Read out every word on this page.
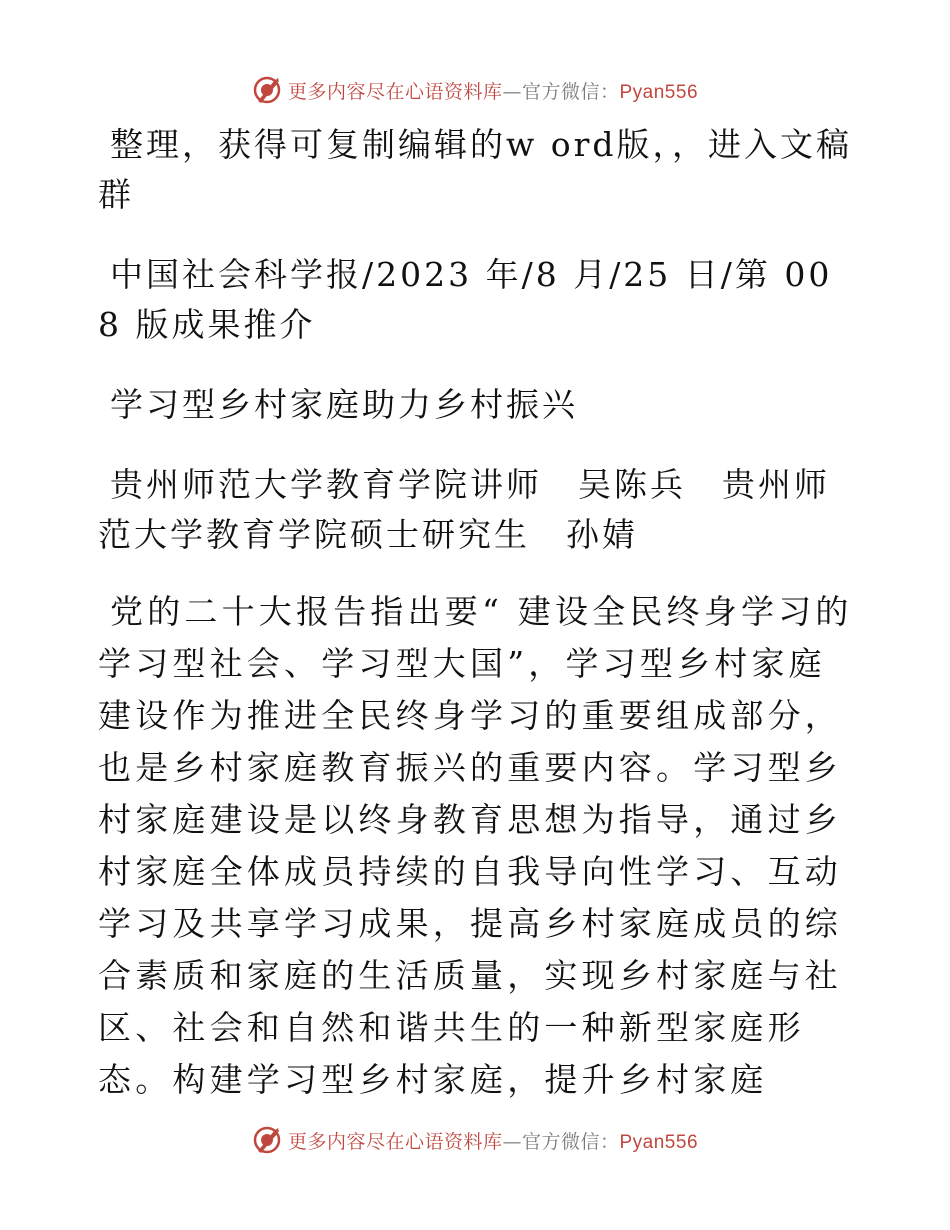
更多内容尽在心语资料库—官方微信：Pyan556

整理，获得可复制编辑的w ord版，，进入文稿群

中国社会科学报/2023 年/8 月/25 日/第 008 版成果推介

学习型乡村家庭助力乡村振兴

贵州师范大学教育学院讲师　吴陈兵　贵州师范大学教育学院硕士研究生　孙婧

党的二十大报告指出要“ 建设全民终身学习的学习型社会、学习型大国”，学习型乡村家庭建设作为推进全民终身学习的重要组成部分，也是乡村家庭教育振兴的重要内容。学习型乡村家庭建设是以终身教育思想为指导，通过乡村家庭全体成员持续的自我导向性学习、互动学习及共享学习成果，提高乡村家庭成员的综合素质和家庭的生活质量，实现乡村家庭与社区、社会和自然和谐共生的一种新型家庭形态。构建学习型乡村家庭，提升乡村家庭

更多内容尽在心语资料库—官方微信：Pyan556
